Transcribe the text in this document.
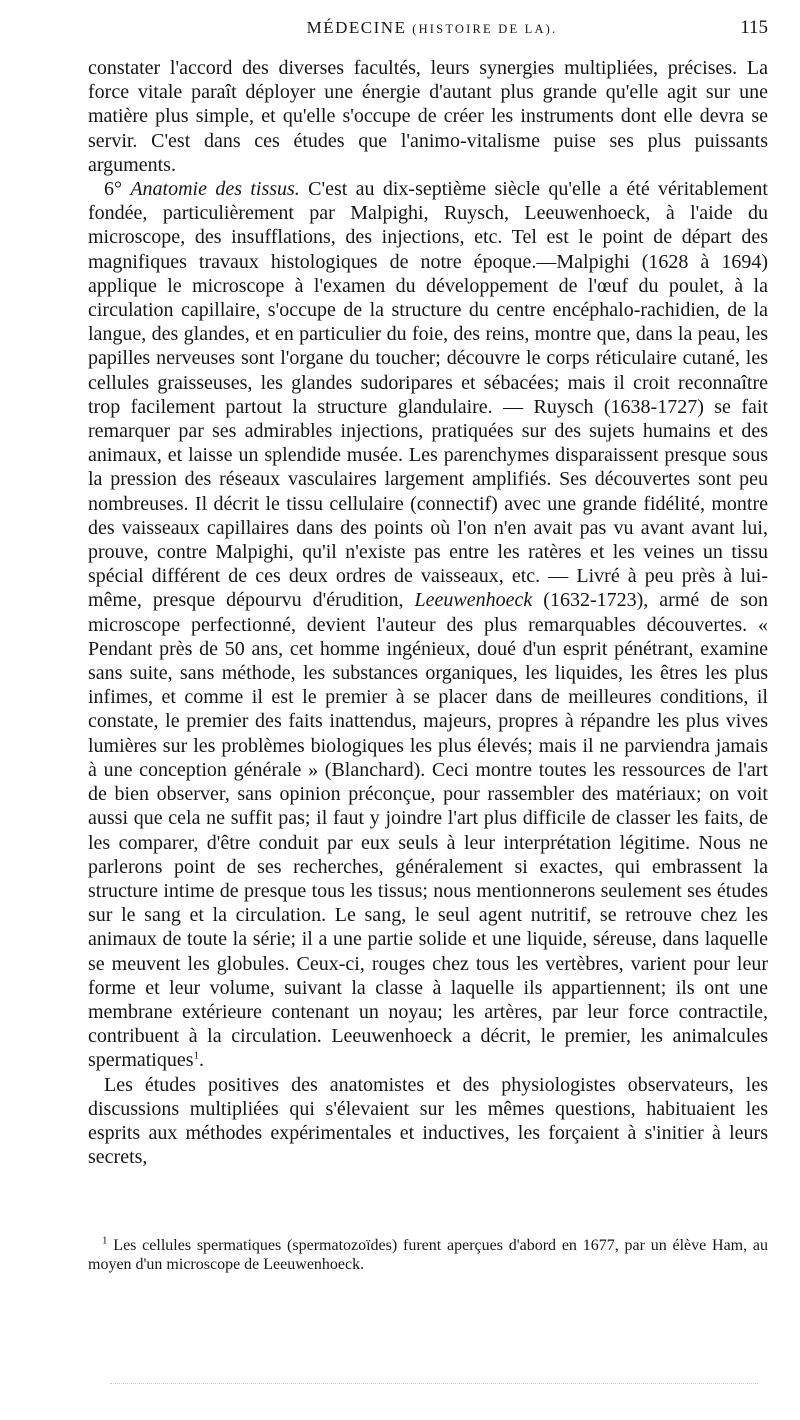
MÉDECINE (HISTOIRE DE LA).	115

constater l'accord des diverses facultés, leurs synergies multipliées, précises. La force vitale paraît déployer une énergie d'autant plus grande qu'elle agit sur une matière plus simple, et qu'elle s'occupe de créer les instruments dont elle devra se servir. C'est dans ces études que l'animo-vitalisme puise ses plus puissants arguments.

6° Anatomie des tissus. C'est au dix-septième siècle qu'elle a été véritablement fondée, particulièrement par Malpighi, Ruysch, Leeuwenhoeck, à l'aide du microscope, des insufflations, des injections, etc. Tel est le point de départ des magnifiques travaux histologiques de notre époque.—Malpighi (1628 à 1694) applique le microscope à l'examen du développement de l'œuf du poulet, à la circulation capillaire, s'occupe de la structure du centre encéphalo-rachidien, de la langue, des glandes, et en particulier du foie, des reins, montre que, dans la peau, les papilles nerveuses sont l'organe du toucher; découvre le corps réticulaire cutané, les cellules graisseuses, les glandes sudoripares et sébacées; mais il croit reconnaître trop facilement partout la structure glandulaire. — Ruysch (1638-1727) se fait remarquer par ses admirables injections, pratiquées sur des sujets humains et des animaux, et laisse un splendide musée. Les parenchymes disparaissent presque sous la pression des réseaux vasculaires largement amplifiés. Ses découvertes sont peu nombreuses. Il décrit le tissu cellulaire (connectif) avec une grande fidélité, montre des vaisseaux capillaires dans des points où l'on n'en avait pas vu avant avant lui, prouve, contre Malpighi, qu'il n'existe pas entre les ratères et les veines un tissu spécial différent de ces deux ordres de vaisseaux, etc. — Livré à peu près à lui-même, presque dépourvu d'érudition, Leeuwenhoeck (1632-1723), armé de son microscope perfectionné, devient l'auteur des plus remarquables découvertes. « Pendant près de 50 ans, cet homme ingénieux, doué d'un esprit pénétrant, examine sans suite, sans méthode, les substances organiques, les liquides, les êtres les plus infimes, et comme il est le premier à se placer dans de meilleures conditions, il constate, le premier des faits inattendus, majeurs, propres à répandre les plus vives lumières sur les problèmes biologiques les plus élevés; mais il ne parviendra jamais à une conception générale » (Blanchard). Ceci montre toutes les ressources de l'art de bien observer, sans opinion préconçue, pour rassembler des matériaux; on voit aussi que cela ne suffit pas; il faut y joindre l'art plus difficile de classer les faits, de les comparer, d'être conduit par eux seuls à leur interprétation légitime. Nous ne parlerons point de ses recherches, généralement si exactes, qui embrassent la structure intime de presque tous les tissus; nous mentionnerons seulement ses études sur le sang et la circulation. Le sang, le seul agent nutritif, se retrouve chez les animaux de toute la série; il a une partie solide et une liquide, séreuse, dans laquelle se meuvent les globules. Ceux-ci, rouges chez tous les vertèbres, varient pour leur forme et leur volume, suivant la classe à laquelle ils appartiennent; ils ont une membrane extérieure contenant un noyau; les artères, par leur force contractile, contribuent à la circulation. Leeuwenhoeck a décrit, le premier, les animalcules spermatiques$^1$.

Les études positives des anatomistes et des physiologistes observateurs, les discussions multipliées qui s'élevaient sur les mêmes questions, habituaient les esprits aux méthodes expérimentales et inductives, les forçaient à s'initier à leurs secrets,

$^1$ Les cellules spermatiques (spermatozoïdes) furent aperçues d'abord en 1677, par un élève Ham, au moyen d'un microscope de Leeuwenhoeck.
